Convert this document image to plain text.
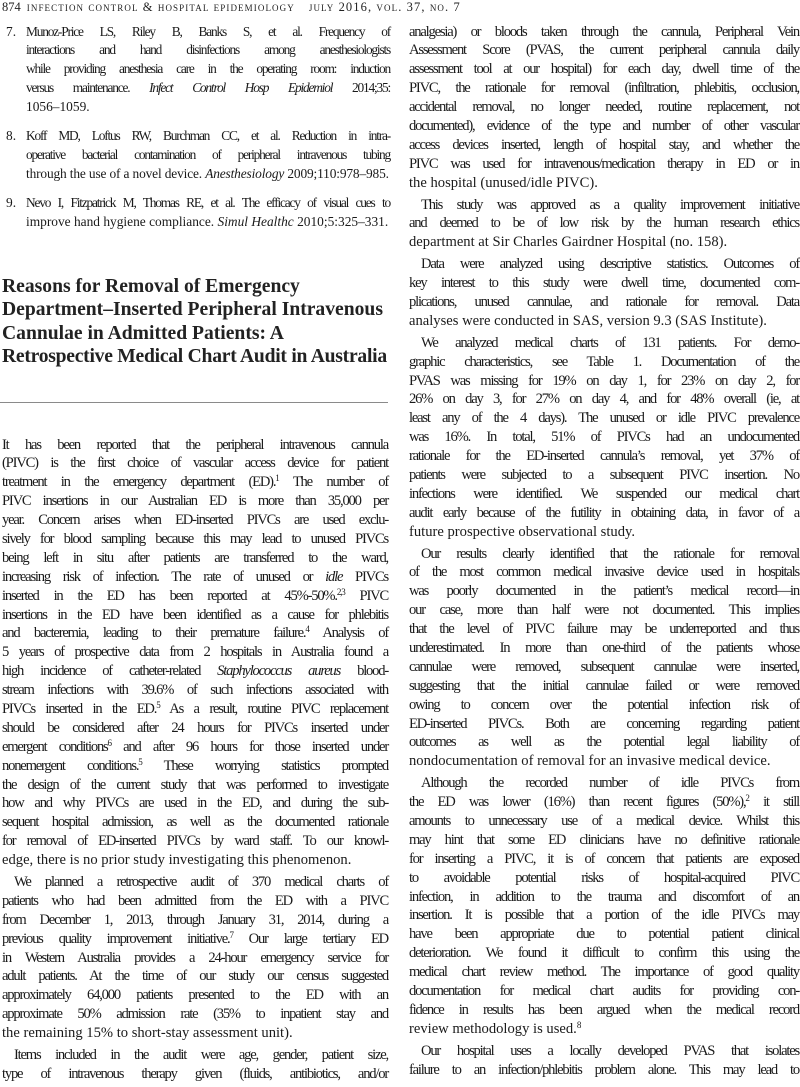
874 infection control & hospital epidemiology july 2016, vol. 37, no. 7
7. Munoz-Price LS, Riley B, Banks S, et al. Frequency of
interactions and hand disinfections among anesthesiologists
while providing anesthesia care in the operating room: induction
versus maintenance. Infect Control Hosp Epidemiol 2014;35:
1056–1059.
8. Koff MD, Loftus RW, Burchman CC, et al. Reduction in intra-
operative bacterial contamination of peripheral intravenous tubing
through the use of a novel device. Anesthesiology 2009;110:978–985.
9. Nevo I, Fitzpatrick M, Thomas RE, et al. The efficacy of visual cues to
improve hand hygiene compliance. Simul Healthc 2010;5:325–331.
Reasons for Removal of Emergency
Department–Inserted Peripheral Intravenous
Cannulae in Admitted Patients: A
Retrospective Medical Chart Audit in Australia
It has been reported that the peripheral intravenous cannula
(PIVC) is the first choice of vascular access device for patient
treatment in the emergency department (ED).$^1$ The number of
PIVC insertions in our Australian ED is more than 35,000 per
year. Concern arises when ED-inserted PIVCs are used exclu-
sively for blood sampling because this may lead to unused PIVCs
being left in situ after patients are transferred to the ward,
increasing risk of infection. The rate of unused or idle PIVCs
inserted in the ED has been reported at 45%-50%.$^{2,3}$ PIVC
insertions in the ED have been identified as a cause for phlebitis
and bacteremia, leading to their premature failure.$^4$ Analysis of
5 years of prospective data from 2 hospitals in Australia found a
high incidence of catheter-related Staphylococcus aureus blood-
stream infections with 39.6% of such infections associated with
PIVCs inserted in the ED.$^5$ As a result, routine PIVC replacement
should be considered after 24 hours for PIVCs inserted under
emergent conditions$^6$ and after 96 hours for those inserted under
nonemergent conditions.$^5$ These worrying statistics prompted
the design of the current study that was performed to investigate
how and why PIVCs are used in the ED, and during the sub-
sequent hospital admission, as well as the documented rationale
for removal of ED-inserted PIVCs by ward staff. To our knowl-
edge, there is no prior study investigating this phenomenon.
We planned a retrospective audit of 370 medical charts of
patients who had been admitted from the ED with a PIVC
from December 1, 2013, through January 31, 2014, during a
previous quality improvement initiative.$^7$ Our large tertiary ED
in Western Australia provides a 24-hour emergency service for
adult patients. At the time of our study our census suggested
approximately 64,000 patients presented to the ED with an
approximate 50% admission rate (35% to inpatient stay and
the remaining 15% to short-stay assessment unit).
Items included in the audit were age, gender, patient size,
type of intravenous therapy given (fluids, antibiotics, and/or
analgesia) or bloods taken through the cannula, Peripheral Vein
Assessment Score (PVAS, the current peripheral cannula daily
assessment tool at our hospital) for each day, dwell time of the
PIVC, the rationale for removal (infiltration, phlebitis, occlusion,
accidental removal, no longer needed, routine replacement, not
documented), evidence of the type and number of other vascular
access devices inserted, length of hospital stay, and whether the
PIVC was used for intravenous/medication therapy in ED or in
the hospital (unused/idle PIVC).
This study was approved as a quality improvement initiative
and deemed to be of low risk by the human research ethics
department at Sir Charles Gairdner Hospital (no. 158).
Data were analyzed using descriptive statistics. Outcomes of
key interest to this study were dwell time, documented com-
plications, unused cannulae, and rationale for removal. Data
analyses were conducted in SAS, version 9.3 (SAS Institute).
We analyzed medical charts of 131 patients. For demo-
graphic characteristics, see Table 1. Documentation of the
PVAS was missing for 19% on day 1, for 23% on day 2, for
26% on day 3, for 27% on day 4, and for 48% overall (ie, at
least any of the 4 days). The unused or idle PIVC prevalence
was 16%. In total, 51% of PIVCs had an undocumented
rationale for the ED-inserted cannula’s removal, yet 37% of
patients were subjected to a subsequent PIVC insertion. No
infections were identified. We suspended our medical chart
audit early because of the futility in obtaining data, in favor of a
future prospective observational study.
Our results clearly identified that the rationale for removal
of the most common medical invasive device used in hospitals
was poorly documented in the patient’s medical record—in
our case, more than half were not documented. This implies
that the level of PIVC failure may be underreported and thus
underestimated. In more than one-third of the patients whose
cannulae were removed, subsequent cannulae were inserted,
suggesting that the initial cannulae failed or were removed
owing to concern over the potential infection risk of
ED-inserted PIVCs. Both are concerning regarding patient
outcomes as well as the potential legal liability of
nondocumentation of removal for an invasive medical device.
Although the recorded number of idle PIVCs from
the ED was lower (16%) than recent figures (50%),$^2$ it still
amounts to unnecessary use of a medical device. Whilst this
may hint that some ED clinicians have no definitive rationale
for inserting a PIVC, it is of concern that patients are exposed
to avoidable potential risks of hospital-acquired PIVC
infection, in addition to the trauma and discomfort of an
insertion. It is possible that a portion of the idle PIVCs may
have been appropriate due to potential patient clinical
deterioration. We found it difficult to confirm this using the
medical chart review method. The importance of good quality
documentation for medical chart audits for providing con-
fidence in results has been argued when the medical record
review methodology is used.$^8$
Our hospital uses a locally developed PVAS that isolates
failure to an infection/phlebitis problem alone. This may lead to
